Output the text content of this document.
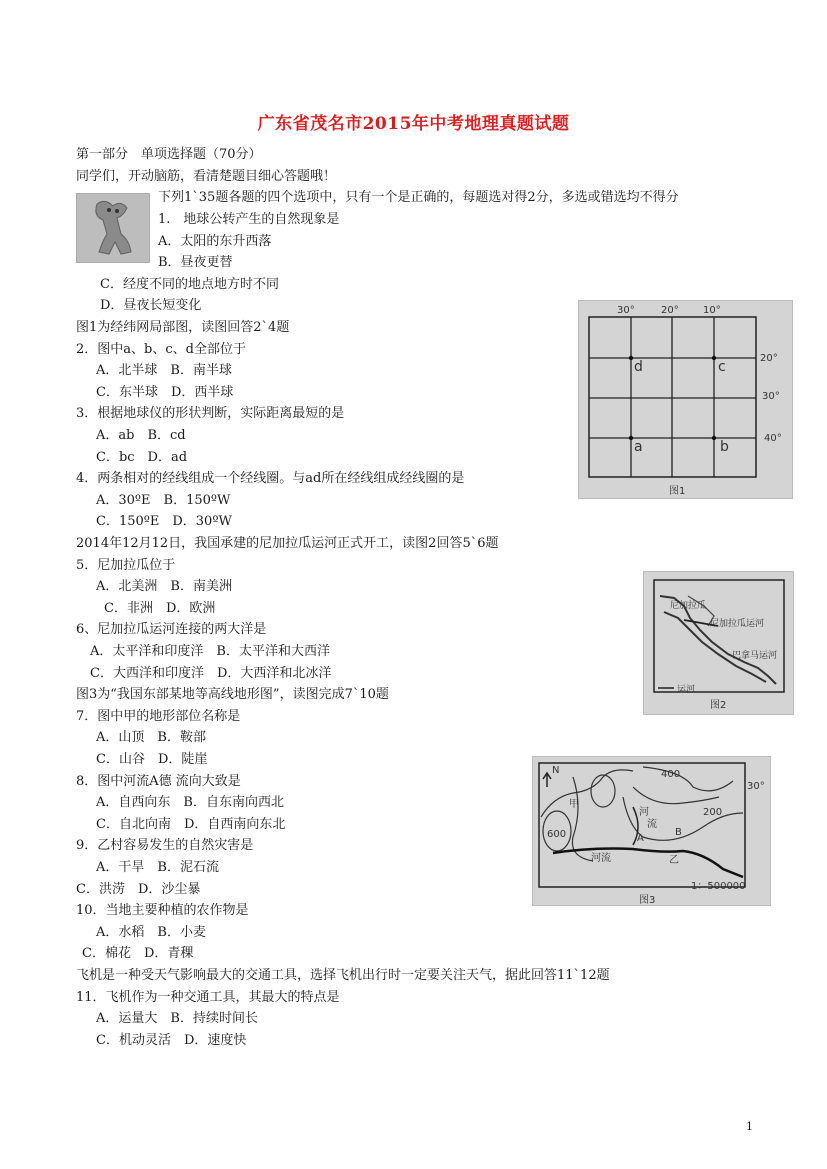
广东省茂名市2015年中考地理真题试题
第一部分　单项选择题（70分）
同学们，开动脑筋，看清楚题目细心答题哦！
下列1`35题各题的四个选项中，只有一个是正确的，每题选对得2分，多选或错选均不得分
1.　地球公转产生的自然现象是
A．太阳的东升西落
B．昼夜更替
C．经度不同的地点地方时不同
D．昼夜长短变化
图1为经纬网局部图，读图回答2`4题
2．图中a、b、c、d全部位于
A．北半球　B．南半球
C．东半球　D．西半球
3．根据地球仪的形状判断，实际距离最短的是
A．ab　B．cd
C．bc　D．ad
4．两条相对的经线组成一个经线圈。与ad所在经线组成经线圈的是
A．30ºE　B．150ºW
C．150ºE　D．30ºW
2014年12月12日，我国承建的尼加拉瓜运河正式开工，读图2回答5`6题
5．尼加拉瓜位于
A．北美洲　B．南美洲
C．非洲　D．欧洲
6、尼加拉瓜运河连接的两大洋是
A．太平洋和印度洋　B．太平洋和大西洋
C．大西洋和印度洋　D．大西洋和北冰洋
图3为“我国东部某地等高线地形图”，读图完成7`10题
7．图中甲的地形部位名称是
A．山顶　B．鞍部
C．山谷　D．陡崖
8．图中河流A德 流向大致是
A．自西向东　B．自东南向西北
C．自北向南　D．自西南向东北
9．乙村容易发生的自然灾害是
A．干旱　B．泥石流
C．洪涝　D．沙尘暴
10．当地主要种植的农作物是
A．水稻　B．小麦
C．棉花　D．青稞
飞机是一种受天气影响最大的交通工具，选择飞机出行时一定要关注天气，据此回答11`12题
11．飞机作为一种交通工具，其最大的特点是
A．运量大　B．持续时间长
C．机动灵活　D．速度快
30°	20° 10°
20°
30°
40°
d	c
a	b
图1
尼加拉瓜
尼加拉瓜运河
巴拿马运河
运河
图2
N	400
200
600
30°
甲
河
流
河流
A
B
乙
1：500000
图3
1
